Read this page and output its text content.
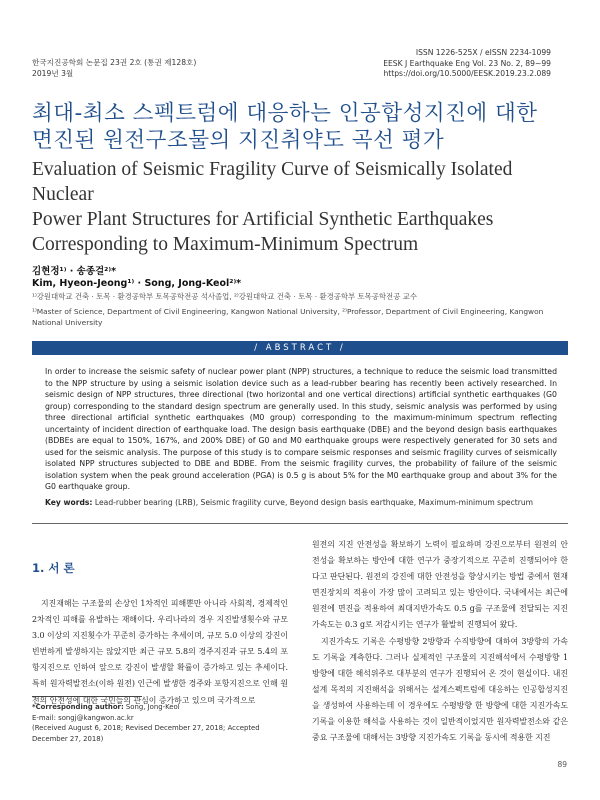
한국지진공학회 논문집 23권 2호 (통권 제128호)
2019년 3월
ISSN 1226-525X / eISSN 2234-1099
EESK J Earthquake Eng Vol. 23 No. 2, 89~99
https://doi.org/10.5000/EESK.2019.23.2.089
최대-최소 스펙트럼에 대응하는 인공합성지진에 대한
면진된 원전구조물의 지진취약도 곡선 평가
Evaluation of Seismic Fragility Curve of Seismically Isolated Nuclear
Power Plant Structures for Artificial Synthetic Earthquakes
Corresponding to Maximum-Minimum Spectrum
김현정¹⁾ · 송종걸²⁾*
Kim, Hyeon-Jeong¹⁾ · Song, Jong-Keol²⁾*
¹⁾강원대학교 건축 · 토목 · 환경공학부 토목공학전공 석사졸업, ²⁾강원대학교 건축 · 토목 · 환경공학부 토목공학전공 교수
¹⁾Master of Science, Department of Civil Engineering, Kangwon National University, ²⁾Professor, Department of Civil Engineering, Kangwon
National University
/ ABSTRACT /
In order to increase the seismic safety of nuclear power plant (NPP) structures, a technique to reduce the seismic load transmitted to the NPP structure by using a seismic isolation device such as a lead-rubber bearing has recently been actively researched. In seismic design of NPP structures, three directional (two horizontal and one vertical directions) artificial synthetic earthquakes (G0 group) corresponding to the standard design spectrum are generally used. In this study, seismic analysis was performed by using three directional artificial synthetic earthquakes (M0 group) corresponding to the maximum-minimum spectrum reflecting uncertainty of incident direction of earthquake load. The design basis earthquake (DBE) and the beyond design basis earthquakes (BDBEs are equal to 150%, 167%, and 200% DBE) of G0 and M0 earthquake groups were respectively generated for 30 sets and used for the seismic analysis. The purpose of this study is to compare seismic responses and seismic fragility curves of seismically isolated NPP structures subjected to DBE and BDBE. From the seismic fragility curves, the probability of failure of the seismic isolation system when the peak ground acceleration (PGA) is 0.5 g is about 5% for the M0 earthquake group and about 3% for the G0 earthquake group.
Key words: Lead-rubber bearing (LRB), Seismic fragility curve, Beyond design basis earthquake, Maximum-minimum spectrum
1. 서 론

지진재해는 구조물의 손상인 1차적인 피해뿐만 아니라 사회적, 경제적인 2차적인 피해를 유발하는 재해이다. 우리나라의 경우 지진발생횟수와 규모 3.0 이상의 지진횟수가 꾸준히 증가하는 추세이며, 규모 5.0 이상의 강진이 빈번하게 발생하지는 않았지만 최근 규모 5.8의 경주지진과 규모 5.4의 포항지진으로 인하여 앞으로 강진이 발생할 확률이 증가하고 있는 추세이다. 특히 원자력발전소(이하 원전) 인근에 발생한 경주와 포항지진으로 인해 원전의 안전성에 대한 국민들의 관심이 증가하고 있으며 국가적으로

원전의 지진 안전성을 확보하기 노력이 필요하며 강진으로부터 원전의 안전성을 확보하는 방안에 대한 연구가 중장기적으로 꾸준히 진행되어야 한다고 판단된다. 원전의 강진에 대한 안전성을 향상시키는 방법 중에서 현재 면진장치의 적용이 가장 많이 고려되고 있는 방안이다. 국내에서는 최근에 원전에 면진을 적용하여 최대지반가속도 0.5 g를 구조물에 전달되는 지진가속도는 0.3 g로 저감시키는 연구가 활발히 진행되어 왔다.

지진가속도 기록은 수평방향 2방향과 수직방향에 대하여 3방향의 가속도 기록을 계측한다. 그러나 실제적인 구조물의 지진해석에서 수평방향 1방향에 대한 해석위주로 대부분의 연구가 진행되어 온 것이 현실이다. 내진설계 목적의 지진해석을 위해서는 설계스펙트럼에 대응하는 인공합성지진을 생성하여 사용하는데 이 경우에도 수평방향 한 방향에 대한 지진가속도 기록을 이용한 해석을 사용하는 것이 일반적이었지만 원자력발전소와 같은 중요 구조물에 대해서는 3방향 지진가속도 기록을 동시에 적용한 지진

*Corresponding author: Song, Jong-Keol
E-mail: songj@kangwon.ac.kr
(Received August 6, 2018; Revised December 27, 2018; Accepted December 27, 2018)
89
